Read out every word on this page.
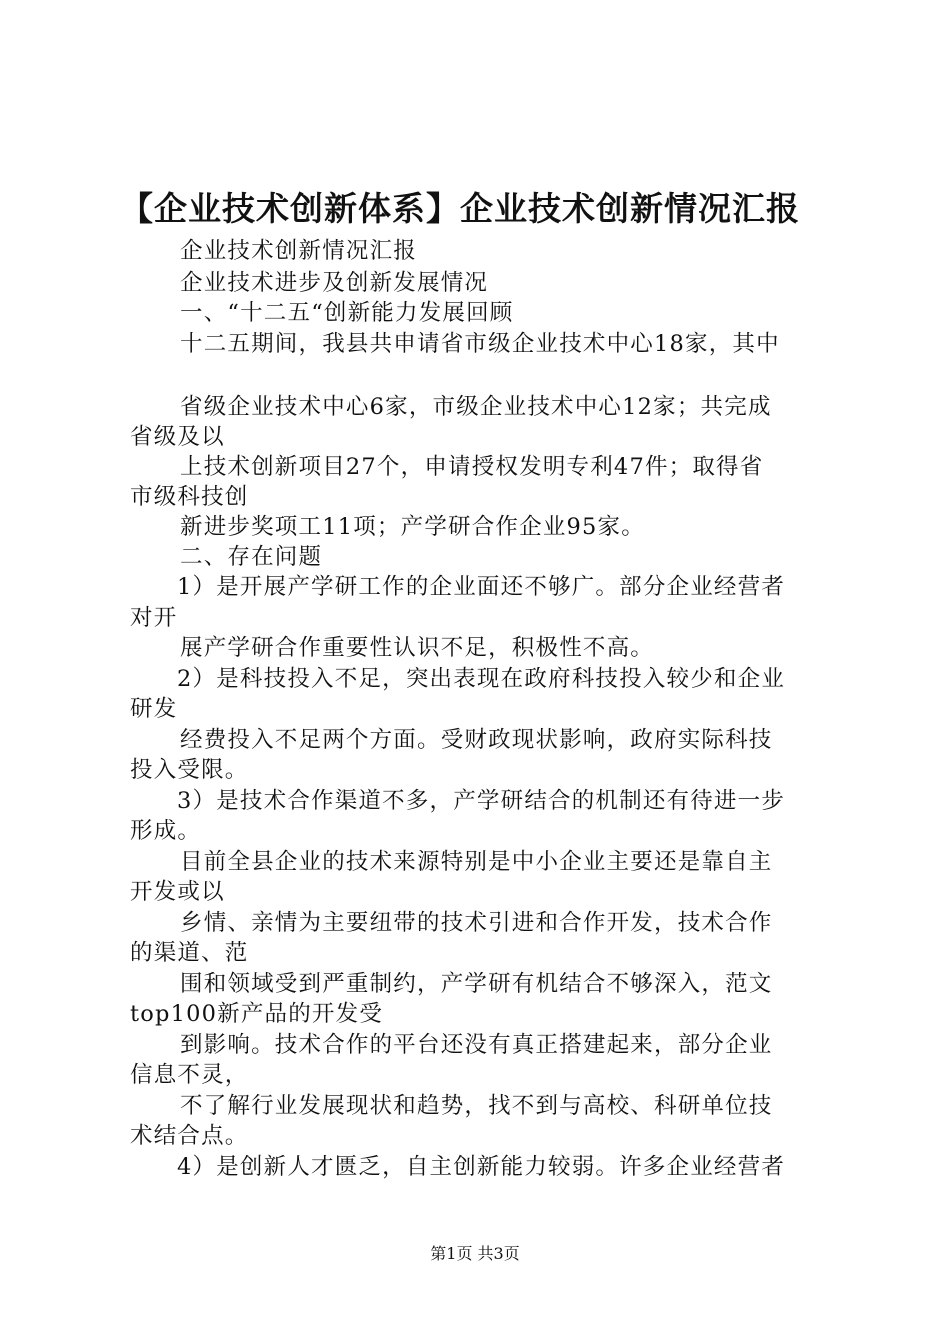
【企业技术创新体系】企业技术创新情况汇报
企业技术创新情况汇报
企业技术进步及创新发展情况
一、“十二五“创新能力发展回顾
十二五期间，我县共申请省市级企业技术中心18家，其中
省级企业技术中心6家，市级企业技术中心12家；共完成
省级及以
上技术创新项目27个，申请授权发明专利47件；取得省
市级科技创
新进步奖项工11项；产学研合作企业95家。
二、存在问题
1）是开展产学研工作的企业面还不够广。部分企业经营者
对开
展产学研合作重要性认识不足，积极性不高。
2）是科技投入不足，突出表现在政府科技投入较少和企业
研发
经费投入不足两个方面。受财政现状影响，政府实际科技
投入受限。
3）是技术合作渠道不多，产学研结合的机制还有待进一步
形成。
目前全县企业的技术来源特别是中小企业主要还是靠自主
开发或以
乡情、亲情为主要纽带的技术引进和合作开发，技术合作
的渠道、范
围和领域受到严重制约，产学研有机结合不够深入，范文
top100新产品的开发受
到影响。技术合作的平台还没有真正搭建起来，部分企业
信息不灵，
不了解行业发展现状和趋势，找不到与高校、科研单位技
术结合点。
4）是创新人才匮乏，自主创新能力较弱。许多企业经营者
第1页 共3页
